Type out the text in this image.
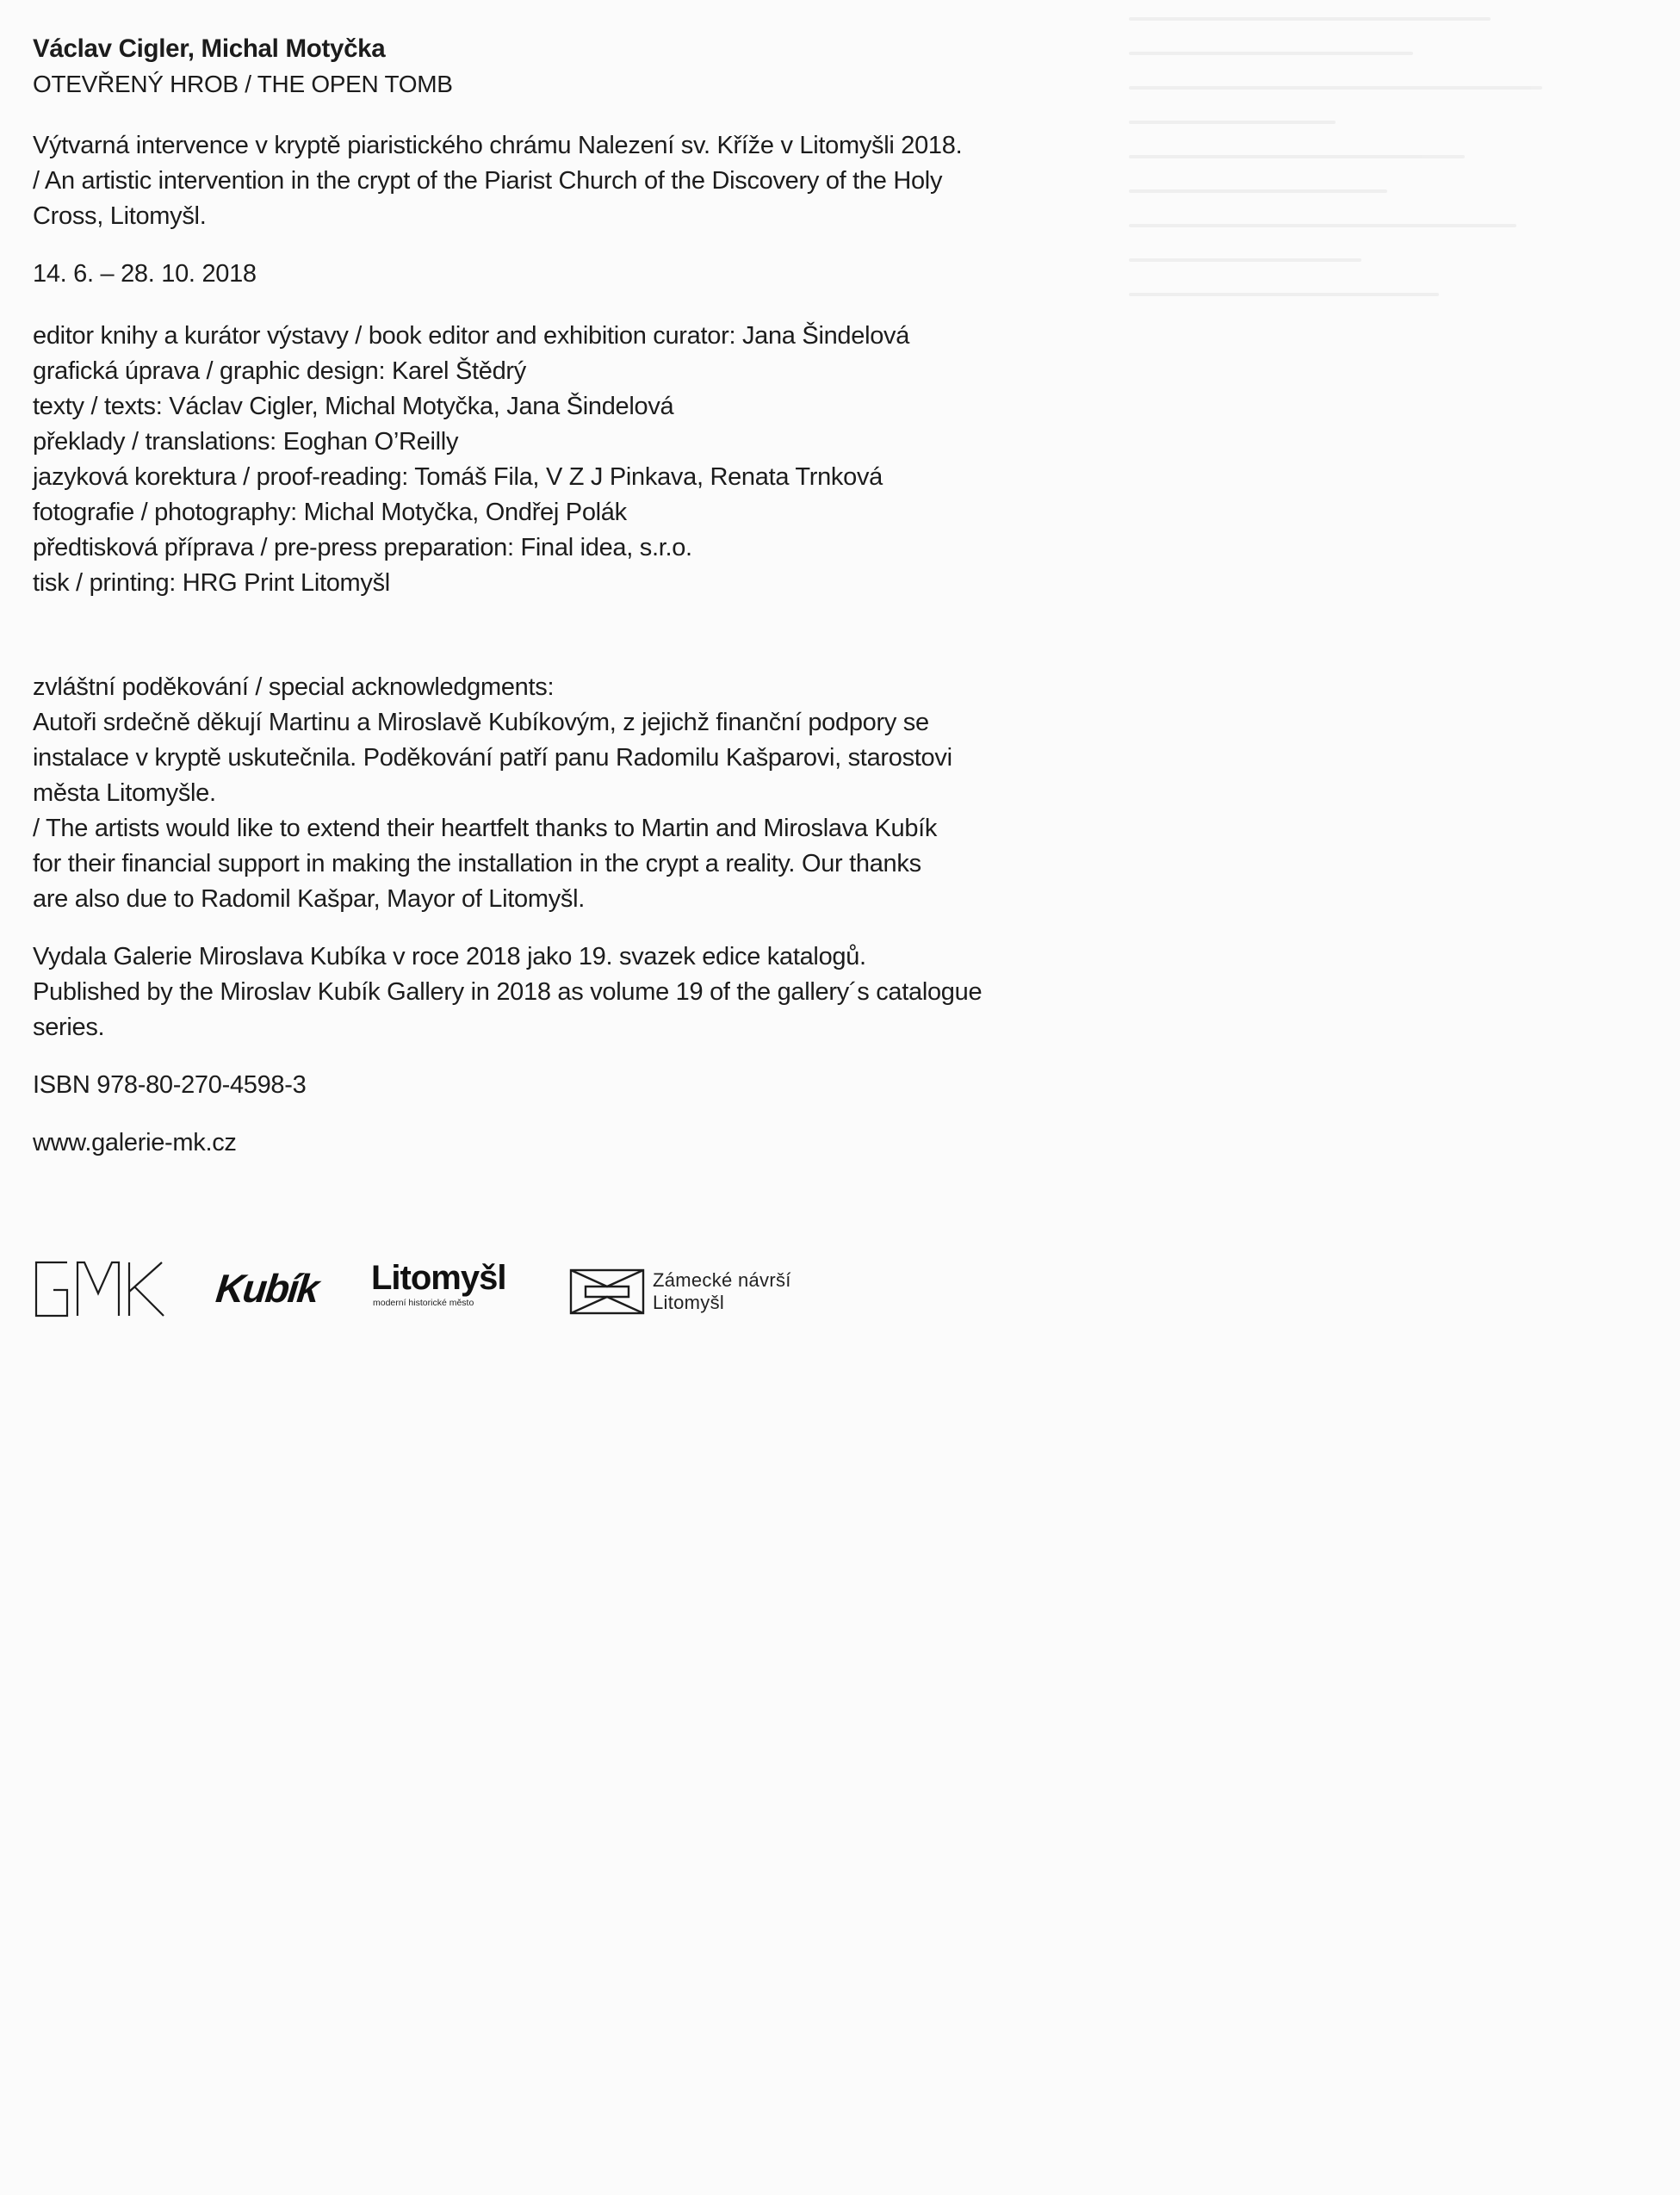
Václav Cigler, Michal Motyčka
OTEVŘENÝ HROB / THE OPEN TOMB
Výtvarná intervence v kryptě piaristického chrámu Nalezení sv. Kříže v Litomyšli 2018.
/ An artistic intervention in the crypt of the Piarist Church of the Discovery of the Holy
Cross, Litomyšl.
14. 6. – 28. 10. 2018
editor knihy a kurátor výstavy / book editor and exhibition curator: Jana Šindelová
grafická úprava / graphic design: Karel Štědrý
texty / texts: Václav Cigler, Michal Motyčka, Jana Šindelová
překlady / translations: Eoghan O’Reilly
jazyková korektura / proof-reading: Tomáš Fila, V Z J Pinkava, Renata Trnková
fotografie / photography: Michal Motyčka, Ondřej Polák
předtisková příprava / pre-press preparation: Final idea, s.r.o.
tisk / printing: HRG Print Litomyšl
zvláštní poděkování / special acknowledgments:
Autoři srdečně děkují Martinu a Miroslavě Kubíkovým, z jejichž finanční podpory se
instalace v kryptě uskutečnila. Poděkování patří panu Radomilu Kašparovi, starostovi
města Litomyšle.
/ The artists would like to extend their heartfelt thanks to Martin and Miroslava Kubík
for their financial support in making the installation in the crypt a reality. Our thanks
are also due to Radomil Kašpar, Mayor of Litomyšl.
Vydala Galerie Miroslava Kubíka v roce 2018 jako 19. svazek edice katalogů.
Published by the Miroslav Kubík Gallery in 2018 as volume 19 of the gallery´s catalogue
series.
ISBN 978-80-270-4598-3
www.galerie-mk.cz
Kubík Litomyšl
moderní historické město
Zámecké návrší
Litomyšl
